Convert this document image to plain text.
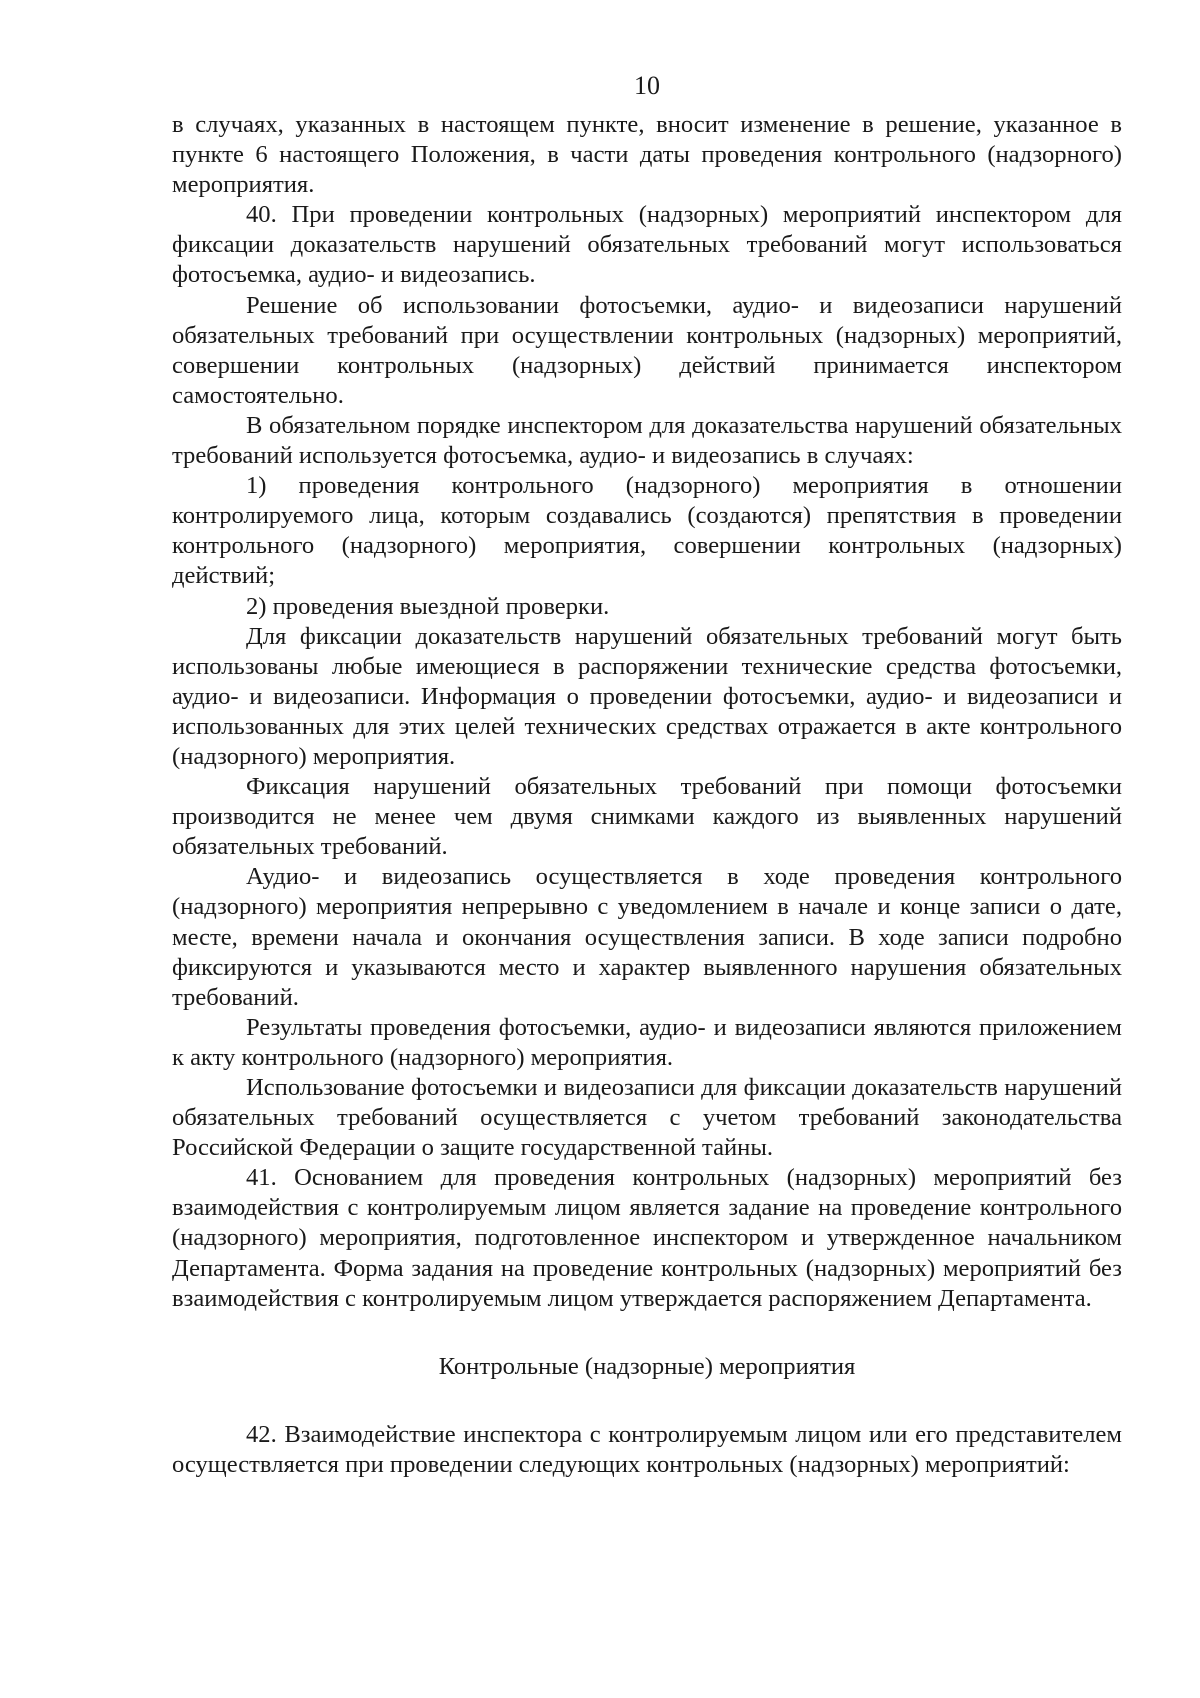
10

в случаях, указанных в настоящем пункте, вносит изменение в решение, указанное в пункте 6 настоящего Положения, в части даты проведения контрольного (надзорного) мероприятия.

40. При проведении контрольных (надзорных) мероприятий инспектором для фиксации доказательств нарушений обязательных требований могут использоваться фотосъемка, аудио- и видеозапись.

Решение об использовании фотосъемки, аудио- и видеозаписи нарушений обязательных требований при осуществлении контрольных (надзорных) мероприятий, совершении контрольных (надзорных) действий принимается инспектором самостоятельно.

В обязательном порядке инспектором для доказательства нарушений обязательных требований используется фотосъемка, аудио- и видеозапись в случаях:

1) проведения контрольного (надзорного) мероприятия в отношении контролируемого лица, которым создавались (создаются) препятствия в проведении контрольного (надзорного) мероприятия, совершении контрольных (надзорных) действий;

2) проведения выездной проверки.

Для фиксации доказательств нарушений обязательных требований могут быть использованы любые имеющиеся в распоряжении технические средства фотосъемки, аудио- и видеозаписи. Информация о проведении фотосъемки, аудио- и видеозаписи и использованных для этих целей технических средствах отражается в акте контрольного (надзорного) мероприятия.

Фиксация нарушений обязательных требований при помощи фотосъемки производится не менее чем двумя снимками каждого из выявленных нарушений обязательных требований.

Аудио- и видеозапись осуществляется в ходе проведения контрольного (надзорного) мероприятия непрерывно с уведомлением в начале и конце записи о дате, месте, времени начала и окончания осуществления записи. В ходе записи подробно фиксируются и указываются место и характер выявленного нарушения обязательных требований.

Результаты проведения фотосъемки, аудио- и видеозаписи являются приложением к акту контрольного (надзорного) мероприятия.

Использование фотосъемки и видеозаписи для фиксации доказательств нарушений обязательных требований осуществляется с учетом требований законодательства Российской Федерации о защите государственной тайны.

41. Основанием для проведения контрольных (надзорных) мероприятий без взаимодействия с контролируемым лицом является задание на проведение контрольного (надзорного) мероприятия, подготовленное инспектором и утвержденное начальником Департамента. Форма задания на проведение контрольных (надзорных) мероприятий без взаимодействия с контролируемым лицом утверждается распоряжением Департамента.

Контрольные (надзорные) мероприятия

42. Взаимодействие инспектора с контролируемым лицом или его представителем осуществляется при проведении следующих контрольных (надзорных) мероприятий:
